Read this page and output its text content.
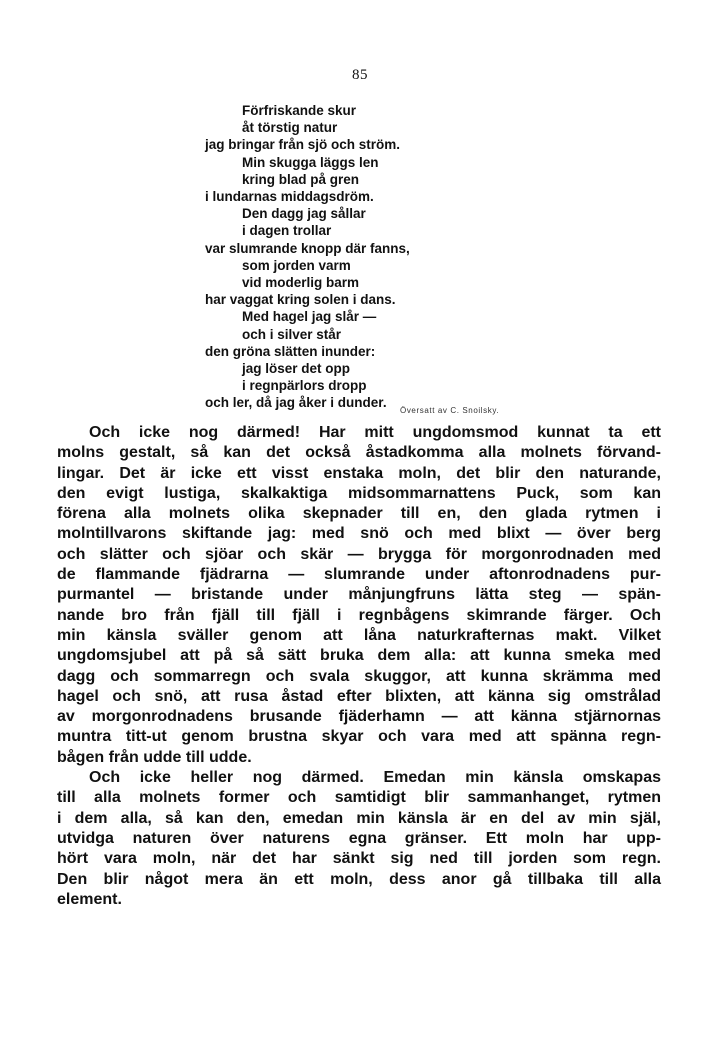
85
Förfriskande skur
åt törstig natur
jag bringar från sjö och ström.
Min skugga läggs len
kring blad på gren
i lundarnas middagsdröm.
Den dagg jag sållar
i dagen trollar
var slumrande knopp där fanns,
som jorden varm
vid moderlig barm
har vaggat kring solen i dans.
Med hagel jag slår —
och i silver står
den gröna slätten inunder:
jag löser det opp
i regnpärlors dropp
och ler, då jag åker i dunder.
Översatt av C. Snoilsky.
Och icke nog därmed! Har mitt ungdomsmod kunnat ta ett
molns gestalt, så kan det också åstadkomma alla molnets förvand-
lingar. Det är icke ett visst enstaka moln, det blir den naturande,
den evigt lustiga, skalkaktiga midsommarnattens Puck, som kan
förena alla molnets olika skepnader till en, den glada rytmen i
molntillvarons skiftande jag: med snö och med blixt — över berg
och slätter och sjöar och skär — brygga för morgonrodnaden med
de flammande fjädrarna — slumrande under aftonrodnadens pur-
purmantel — bristande under månjungfruns lätta steg — spän-
nande bro från fjäll till fjäll i regnbågens skimrande färger. Och
min känsla sväller genom att låna naturkrafternas makt. Vilket
ungdomsjubel att på så sätt bruka dem alla: att kunna smeka med
dagg och sommarregn och svala skuggor, att kunna skrämma med
hagel och snö, att rusa åstad efter blixten, att känna sig omstrålad
av morgonrodnadens brusande fjäderhamn — att känna stjärnornas
muntra titt-ut genom brustna skyar och vara med att spänna regn-
bågen från udde till udde.
Och icke heller nog därmed. Emedan min känsla omskapas
till alla molnets former och samtidigt blir sammanhanget, rytmen
i dem alla, så kan den, emedan min känsla är en del av min själ,
utvidga naturen över naturens egna gränser. Ett moln har upp-
hört vara moln, när det har sänkt sig ned till jorden som regn.
Den blir något mera än ett moln, dess anor gå tillbaka till alla
element.
